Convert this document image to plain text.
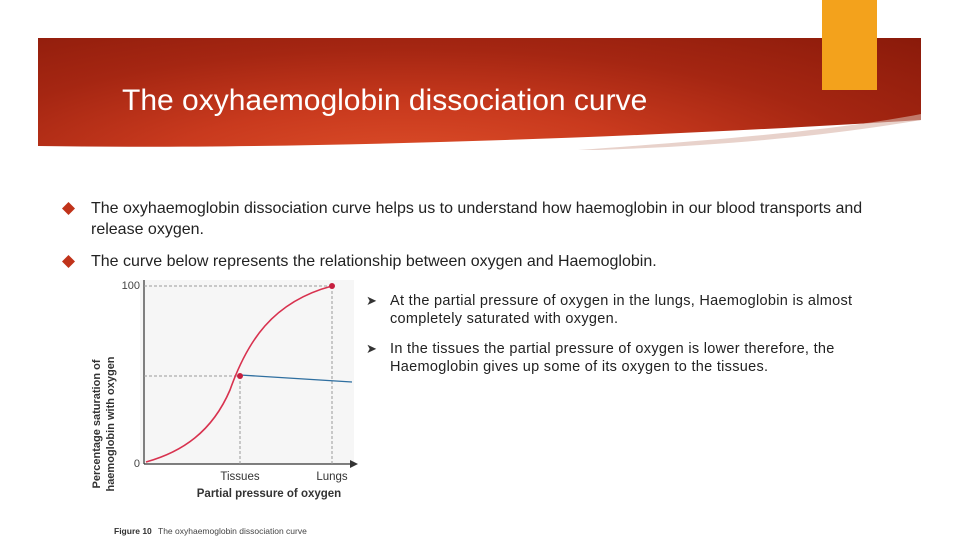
The oxyhaemoglobin dissociation curve
The oxyhaemoglobin dissociation curve helps us to understand how haemoglobin in our blood transports and release oxygen.
The curve below represents the relationship between oxygen and Haemoglobin.
Percentage saturation of haemoglobin with oxygen
100
0
Tissues	Lungs
Partial pressure of oxygen
Figure 10 The oxyhaemoglobin dissociation curve
➤ At the partial pressure of oxygen in the lungs, Haemoglobin is almost completely saturated with oxygen.
➤ In the tissues the partial pressure of oxygen is lower therefore, the Haemoglobin gives up some of its oxygen to the tissues.
